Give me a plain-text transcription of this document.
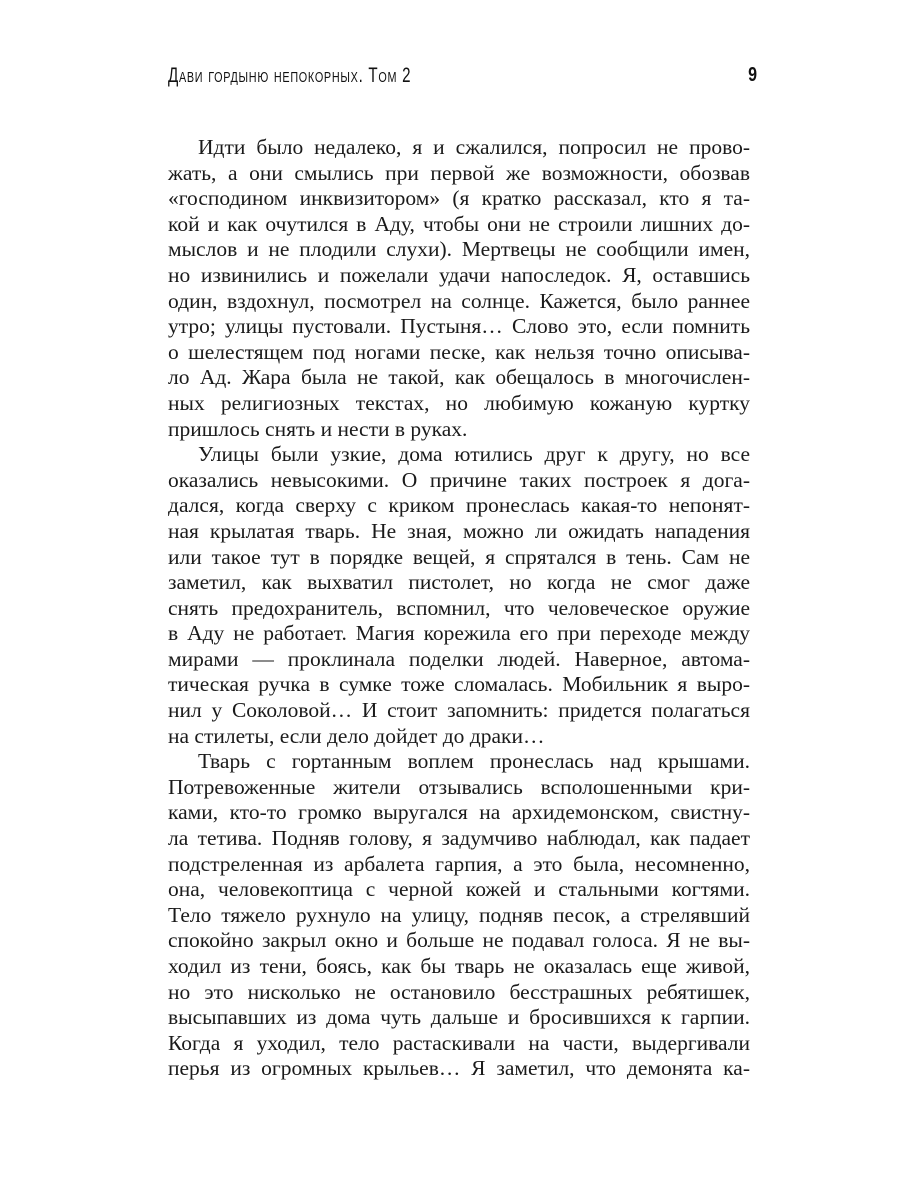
Дави гордыню непокорных. Том 2	9
Идти было недалеко, я и сжалился, попросил не прово-
жать, а они смылись при первой же возможности, обозвав
«господином инквизитором» (я кратко рассказал, кто я та-
кой и как очутился в Аду, чтобы они не строили лишних до-
мыслов и не плодили слухи). Мертвецы не сообщили имен,
но извинились и пожелали удачи напоследок. Я, оставшись
один, вздохнул, посмотрел на солнце. Кажется, было раннее
утро; улицы пустовали. Пустыня… Слово это, если помнить
о шелестящем под ногами песке, как нельзя точно описыва-
ло Ад. Жара была не такой, как обещалось в многочислен-
ных религиозных текстах, но любимую кожаную куртку
пришлось снять и нести в руках.
Улицы были узкие, дома ютились друг к другу, но все
оказались невысокими. О причине таких построек я дога-
дался, когда сверху с криком пронеслась какая-то непонят-
ная крылатая тварь. Не зная, можно ли ожидать нападения
или такое тут в порядке вещей, я спрятался в тень. Сам не
заметил, как выхватил пистолет, но когда не смог даже
снять предохранитель, вспомнил, что человеческое оружие
в Аду не работает. Магия корежила его при переходе между
мирами — проклинала поделки людей. Наверное, автома-
тическая ручка в сумке тоже сломалась. Мобильник я выро-
нил у Соколовой… И стоит запомнить: придется полагаться
на стилеты, если дело дойдет до драки…
Тварь с гортанным воплем пронеслась над крышами.
Потревоженные жители отзывались всполошенными кри-
ками, кто-то громко выругался на архидемонском, свистну-
ла тетива. Подняв голову, я задумчиво наблюдал, как падает
подстреленная из арбалета гарпия, а это была, несомненно,
она, человекоптица с черной кожей и стальными когтями.
Тело тяжело рухнуло на улицу, подняв песок, а стрелявший
спокойно закрыл окно и больше не подавал голоса. Я не вы-
ходил из тени, боясь, как бы тварь не оказалась еще живой,
но это нисколько не остановило бесстрашных ребятишек,
высыпавших из дома чуть дальше и бросившихся к гарпии.
Когда я уходил, тело растаскивали на части, выдергивали
перья из огромных крыльев… Я заметил, что демонята ка-
